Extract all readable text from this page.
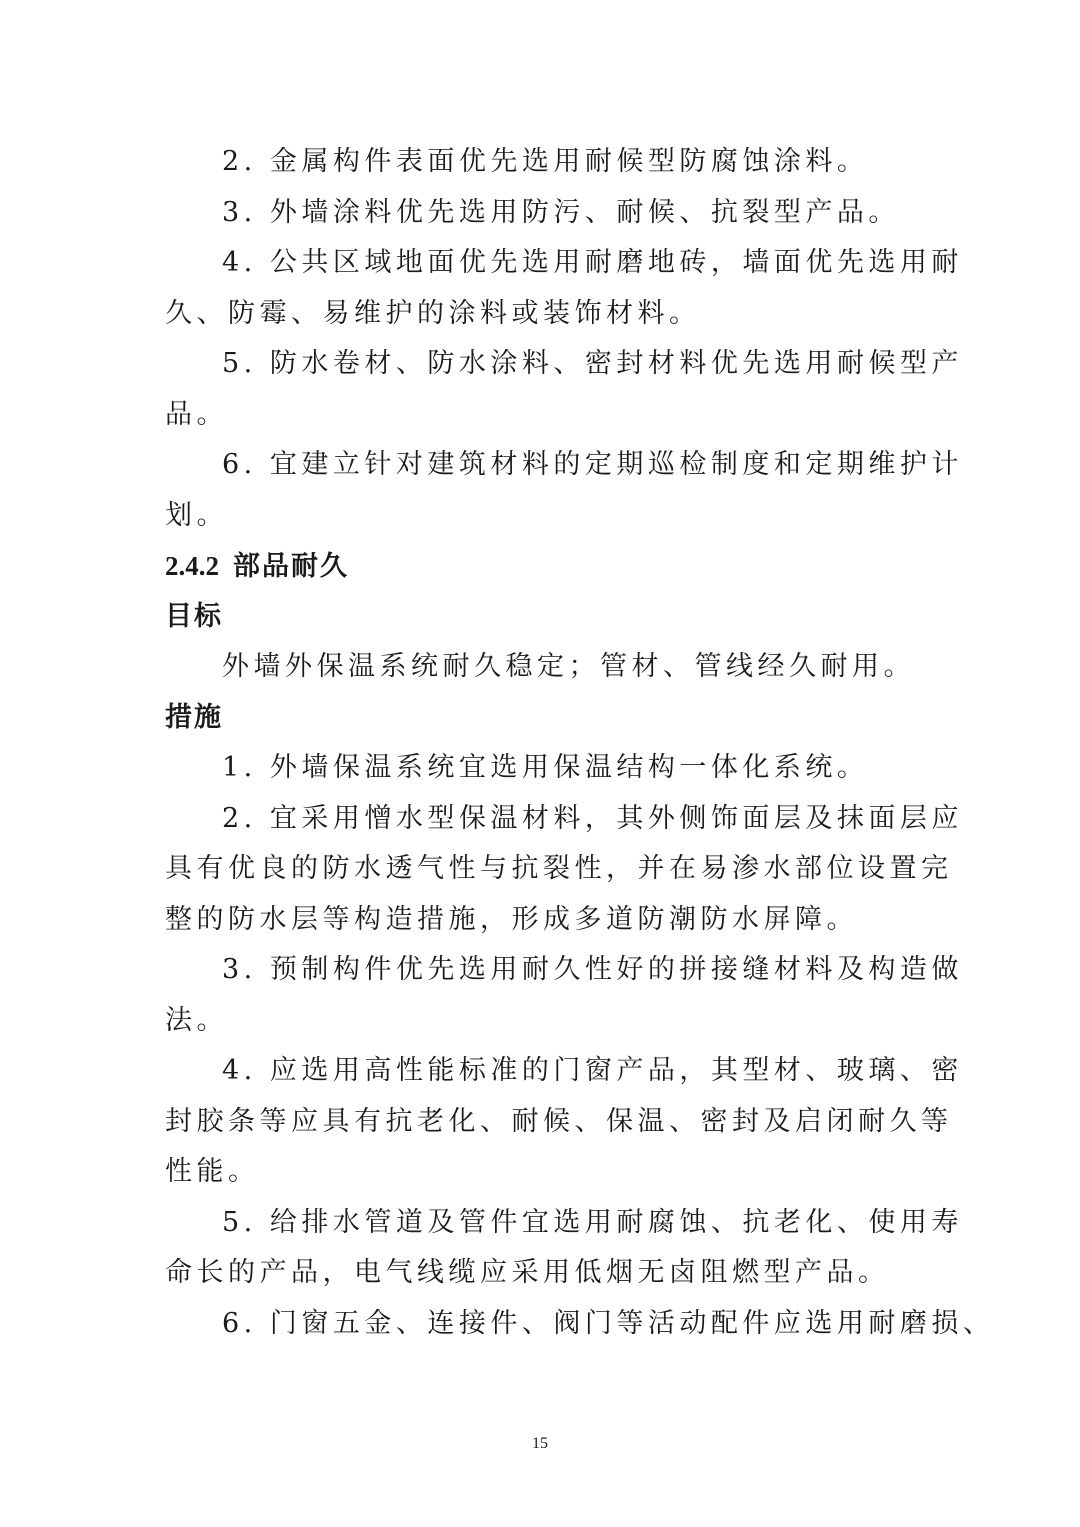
2. 金属构件表面优先选用耐候型防腐蚀涂料。
3. 外墙涂料优先选用防污、耐候、抗裂型产品。
4. 公共区域地面优先选用耐磨地砖，墙面优先选用耐
久、防霉、易维护的涂料或装饰材料。
5. 防水卷材、防水涂料、密封材料优先选用耐候型产
品。
6. 宜建立针对建筑材料的定期巡检制度和定期维护计
划。
2.4.2 部品耐久
目标
外墙外保温系统耐久稳定；管材、管线经久耐用。
措施
1. 外墙保温系统宜选用保温结构一体化系统。
2. 宜采用憎水型保温材料，其外侧饰面层及抹面层应
具有优良的防水透气性与抗裂性，并在易渗水部位设置完
整的防水层等构造措施，形成多道防潮防水屏障。
3. 预制构件优先选用耐久性好的拼接缝材料及构造做
法。
4. 应选用高性能标准的门窗产品，其型材、玻璃、密
封胶条等应具有抗老化、耐候、保温、密封及启闭耐久等
性能。
5. 给排水管道及管件宜选用耐腐蚀、抗老化、使用寿
命长的产品，电气线缆应采用低烟无卤阻燃型产品。
6. 门窗五金、连接件、阀门等活动配件应选用耐磨损、
15
